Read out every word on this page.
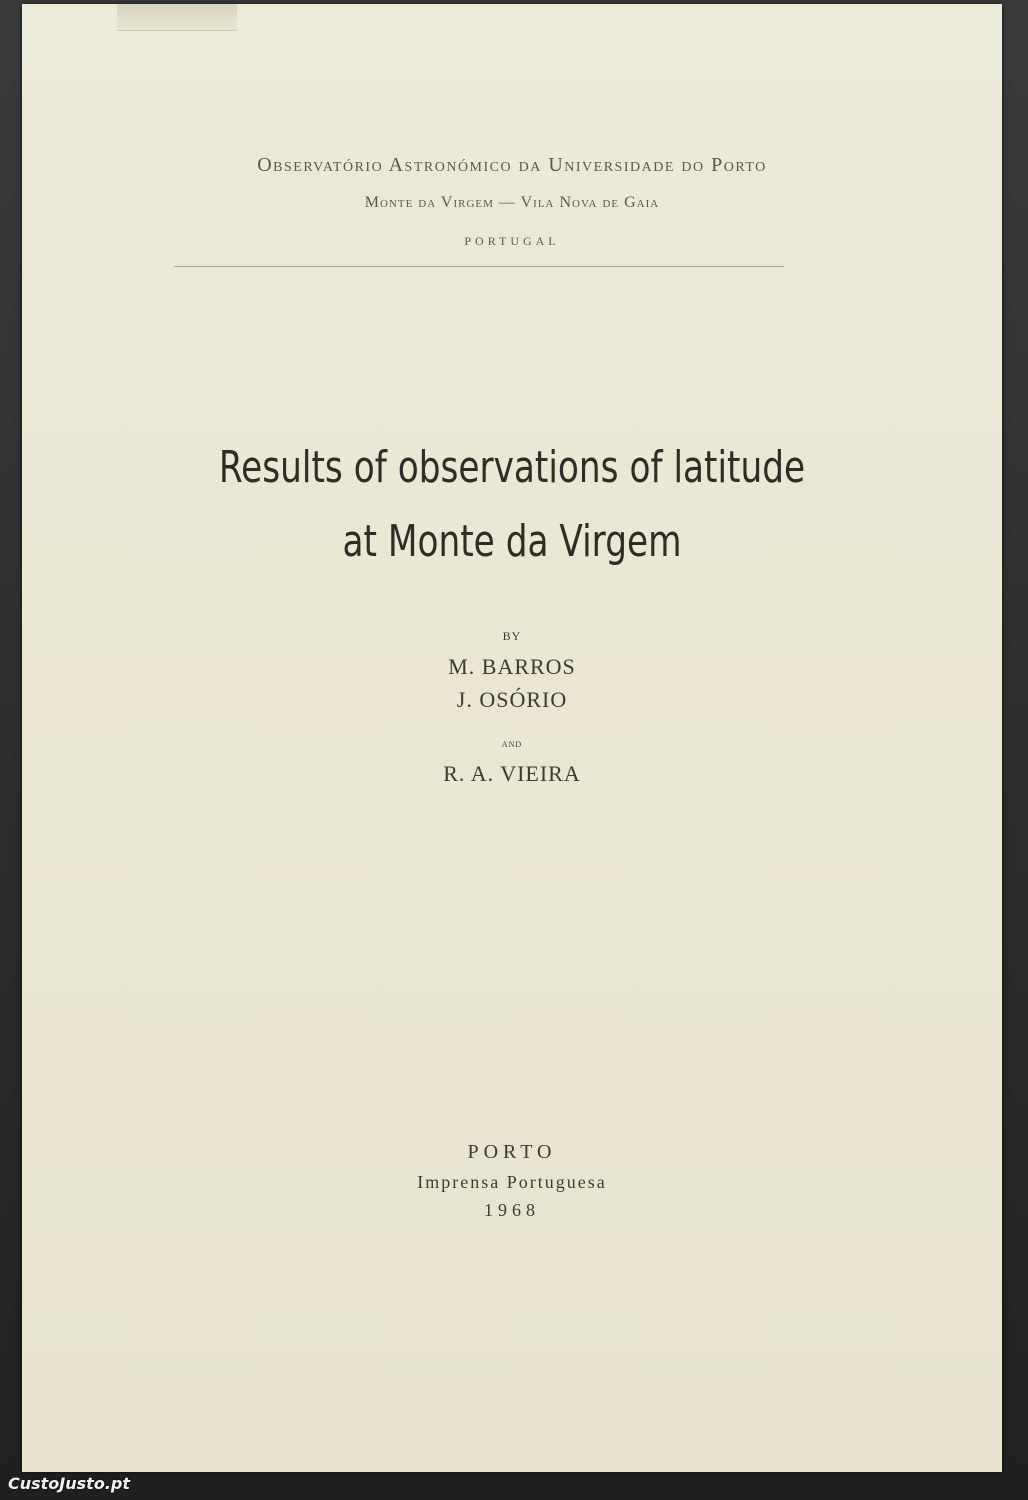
Observatório Astronómico da Universidade do Porto
Monte da Virgem — Vila Nova de Gaia
PORTUGAL
Results of observations of latitude
at Monte da Virgem
BY
M. BARROS
J. OSÓRIO
and
R. A. VIEIRA
PORTO
Imprensa Portuguesa
1968
CustoJusto.pt
